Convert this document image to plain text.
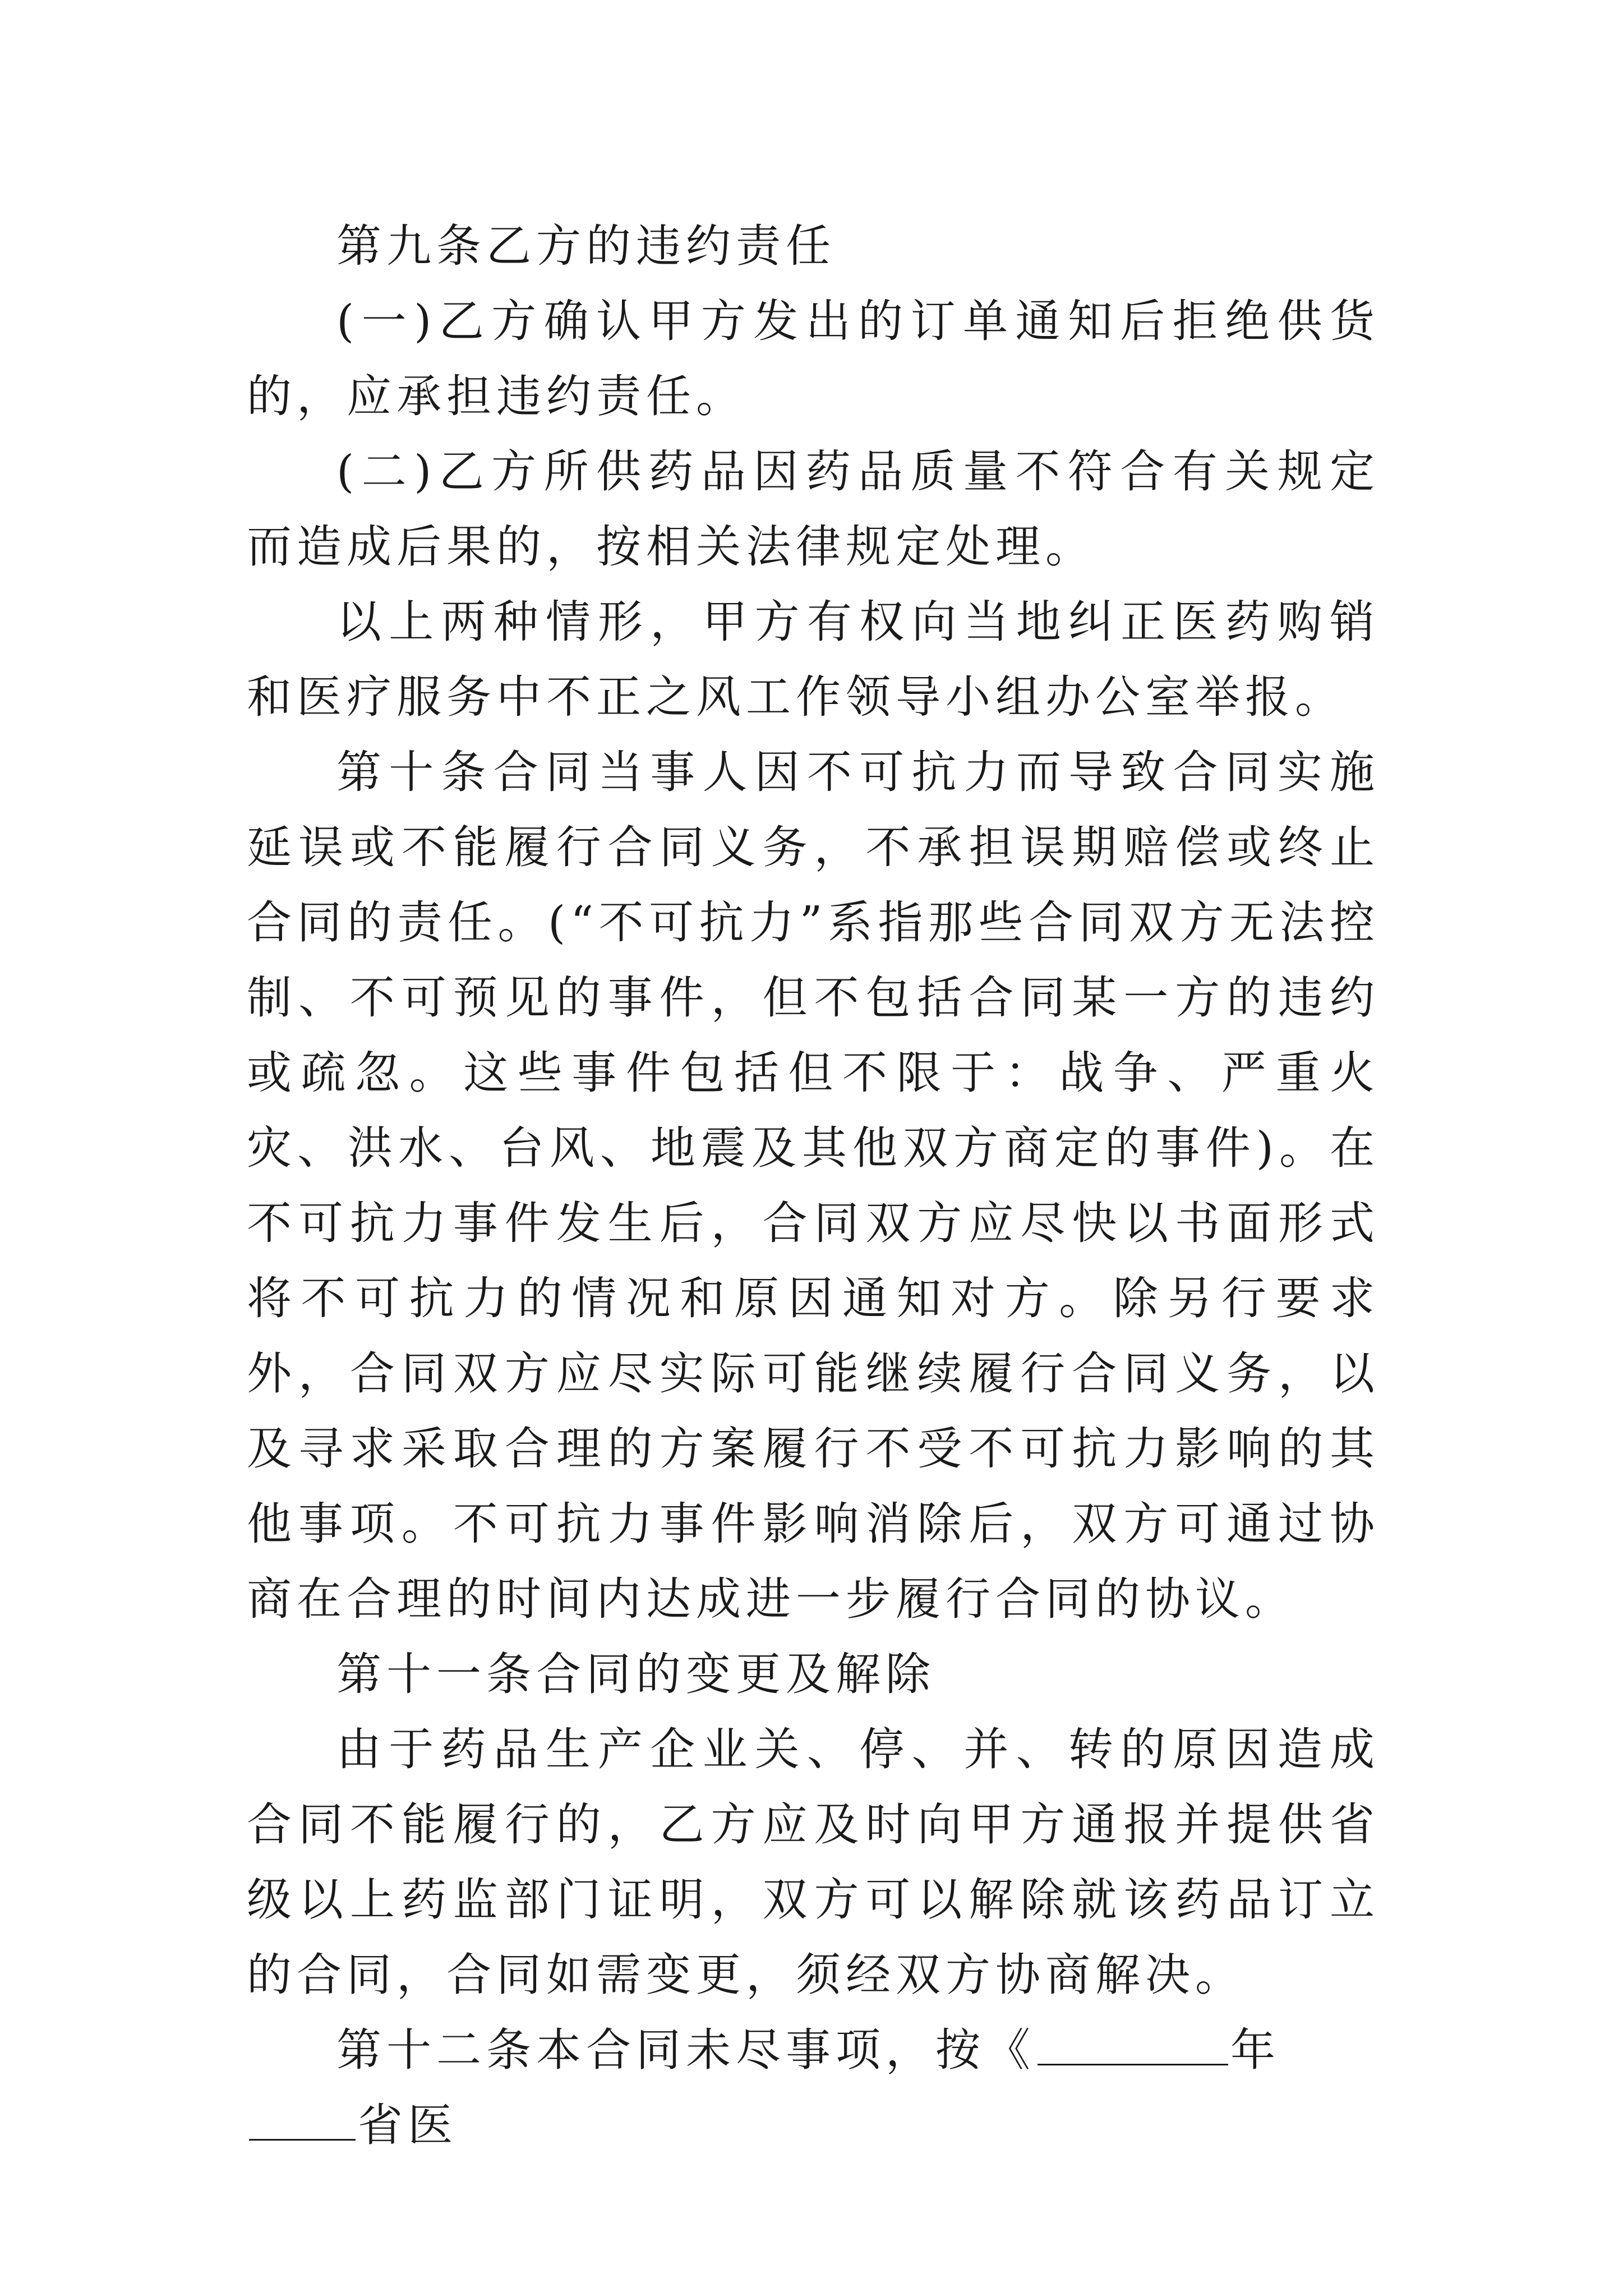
第九条乙方的违约责任

(一)乙方确认甲方发出的订单通知后拒绝供货的，应承担违约责任。

(二)乙方所供药品因药品质量不符合有关规定而造成后果的，按相关法律规定处理。

以上两种情形，甲方有权向当地纠正医药购销和医疗服务中不正之风工作领导小组办公室举报。

第十条合同当事人因不可抗力而导致合同实施延误或不能履行合同义务，不承担误期赔偿或终止合同的责任。(“不可抗力”系指那些合同双方无法控制、不可预见的事件，但不包括合同某一方的违约或疏忽。这些事件包括但不限于：战争、严重火灾、洪水、台风、地震及其他双方商定的事件)。在不可抗力事件发生后，合同双方应尽快以书面形式将不可抗力的情况和原因通知对方。除另行要求外，合同双方应尽实际可能继续履行合同义务，以及寻求采取合理的方案履行不受不可抗力影响的其他事项。不可抗力事件影响消除后，双方可通过协商在合理的时间内达成进一步履行合同的协议。

第十一条合同的变更及解除

由于药品生产企业关、停、并、转的原因造成合同不能履行的，乙方应及时向甲方通报并提供省级以上药监部门证明，双方可以解除就该药品订立的合同，合同如需变更，须经双方协商解决。

第十二条本合同未尽事项，按《	年省医
